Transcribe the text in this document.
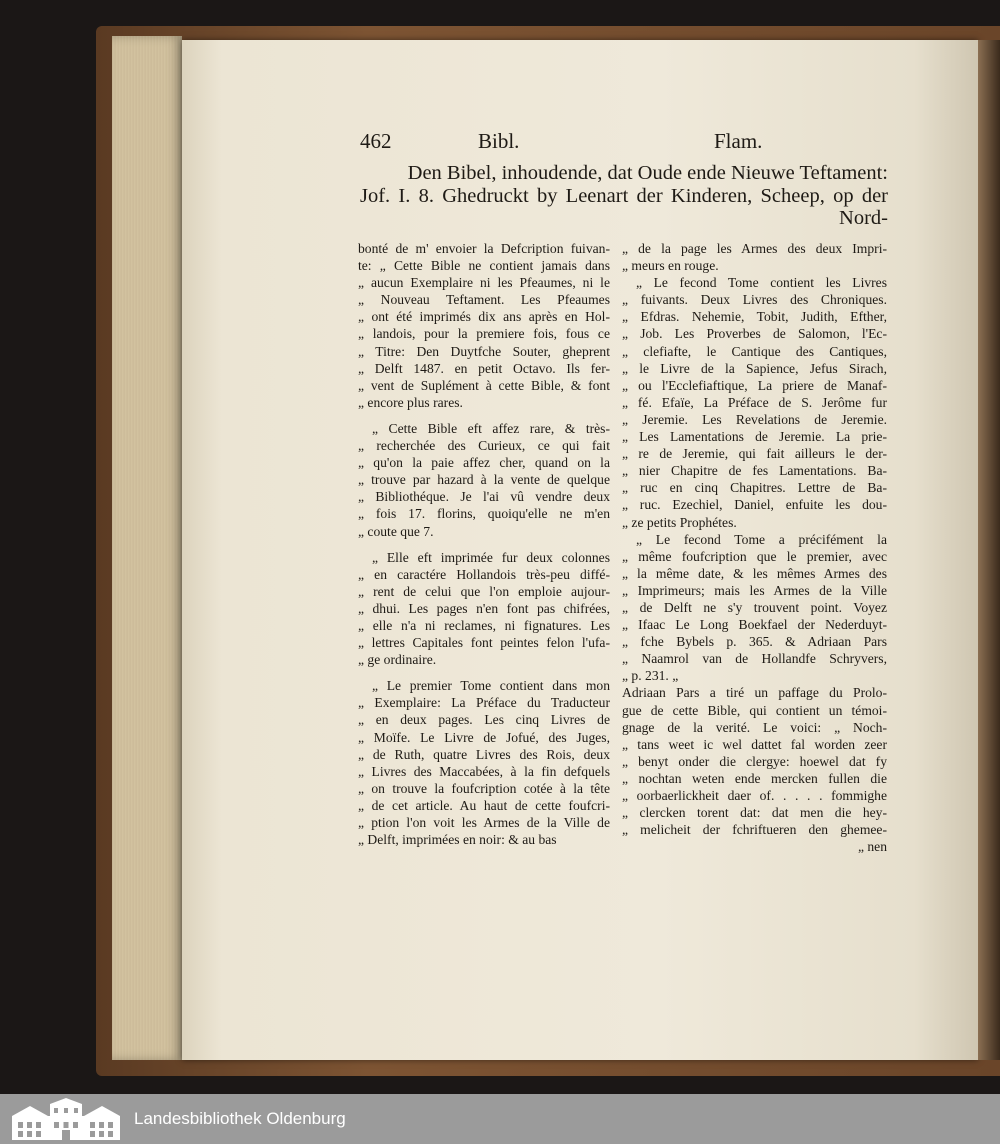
462	Bibl.	Flam.
Den Bibel, inhoudende, dat Oude ende Nieuwe Teftament:
Jof. I. 8. Ghedruckt by Leenart der Kinderen, Scheep, op der
Nord-
bonté de m' envoier la Defcription fuivan-
te: „ Cette Bible ne contient jamais dans
„ aucun Exemplaire ni les Pfeaumes, ni le
„ Nouveau Teftament. Les Pfeaumes
„ ont été imprimés dix ans après en Hol-
„ landois, pour la premiere fois, fous ce
„ Titre: Den Duytfche Souter, gheprent
„ Delft 1487. en petit Octavo. Ils fer-
„ vent de Suplément à cette Bible, & font
„ encore plus rares.
„ Cette Bible eft affez rare, & très-
„ recherchée des Curieux, ce qui fait
„ qu'on la paie affez cher, quand on la
„ trouve par hazard à la vente de quelque
„ Bibliothéque. Je l'ai vû vendre deux
„ fois 17. florins, quoiqu'elle ne m'en
„ coute que 7.
„ Elle eft imprimée fur deux colonnes
„ en caractére Hollandois très-peu diffé-
„ rent de celui que l'on emploie aujour-
„ dhui. Les pages n'en font pas chifrées,
„ elle n'a ni reclames, ni fignatures. Les
„ lettres Capitales font peintes felon l'ufa-
„ ge ordinaire.
„ Le premier Tome contient dans mon
„ Exemplaire: La Préface du Traducteur
„ en deux pages. Les cinq Livres de
„ Moïfe. Le Livre de Jofué, des Juges,
„ de Ruth, quatre Livres des Rois, deux
„ Livres des Maccabées, à la fin defquels
„ on trouve la foufcription cotée à la tête
„ de cet article. Au haut de cette foufcri-
„ ption l'on voit les Armes de la Ville de
„ Delft, imprimées en noir: & au bas
„ de la page les Armes des deux Impri-
„ meurs en rouge.
„ Le fecond Tome contient les Livres
„ fuivants. Deux Livres des Chroniques.
„ Efdras. Nehemie, Tobit, Judith, Efther,
„ Job. Les Proverbes de Salomon, l'Ec-
„ clefiafte, le Cantique des Cantiques,
„ le Livre de la Sapience, Jefus Sirach,
„ ou l'Ecclefiaftique, La priere de Manaf-
„ fé. Efaïe, La Préface de S. Jerôme fur
„ Jeremie. Les Revelations de Jeremie.
„ Les Lamentations de Jeremie. La prie-
„ re de Jeremie, qui fait ailleurs le der-
„ nier Chapitre de fes Lamentations. Ba-
„ ruc en cinq Chapitres. Lettre de Ba-
„ ruc. Ezechiel, Daniel, enfuite les dou-
„ ze petits Prophétes.
„ Le fecond Tome a précifément la
„ même foufcription que le premier, avec
„ la même date, & les mêmes Armes des
„ Imprimeurs; mais les Armes de la Ville
„ de Delft ne s'y trouvent point. Voyez
„ Ifaac Le Long Boekfael der Nederduyt-
„ fche Bybels p. 365. & Adriaan Pars
„ Naamrol van de Hollandfe Schryvers,
„ p. 231. „
Adriaan Pars a tiré un paffage du Prolo-
gue de cette Bible, qui contient un témoi-
gnage de la verité. Le voici: „ Noch-
„ tans weet ic wel dattet fal worden zeer
„ benyt onder die clergye: hoewel dat fy
„ nochtan weten ende mercken fullen die
„ oorbaerlickheit daer of. . . . . fommighe
„ clercken torent dat: dat men die hey-
„ melicheit der fchriftueren den ghemee-
„ nen
Landesbibliothek Oldenburg
